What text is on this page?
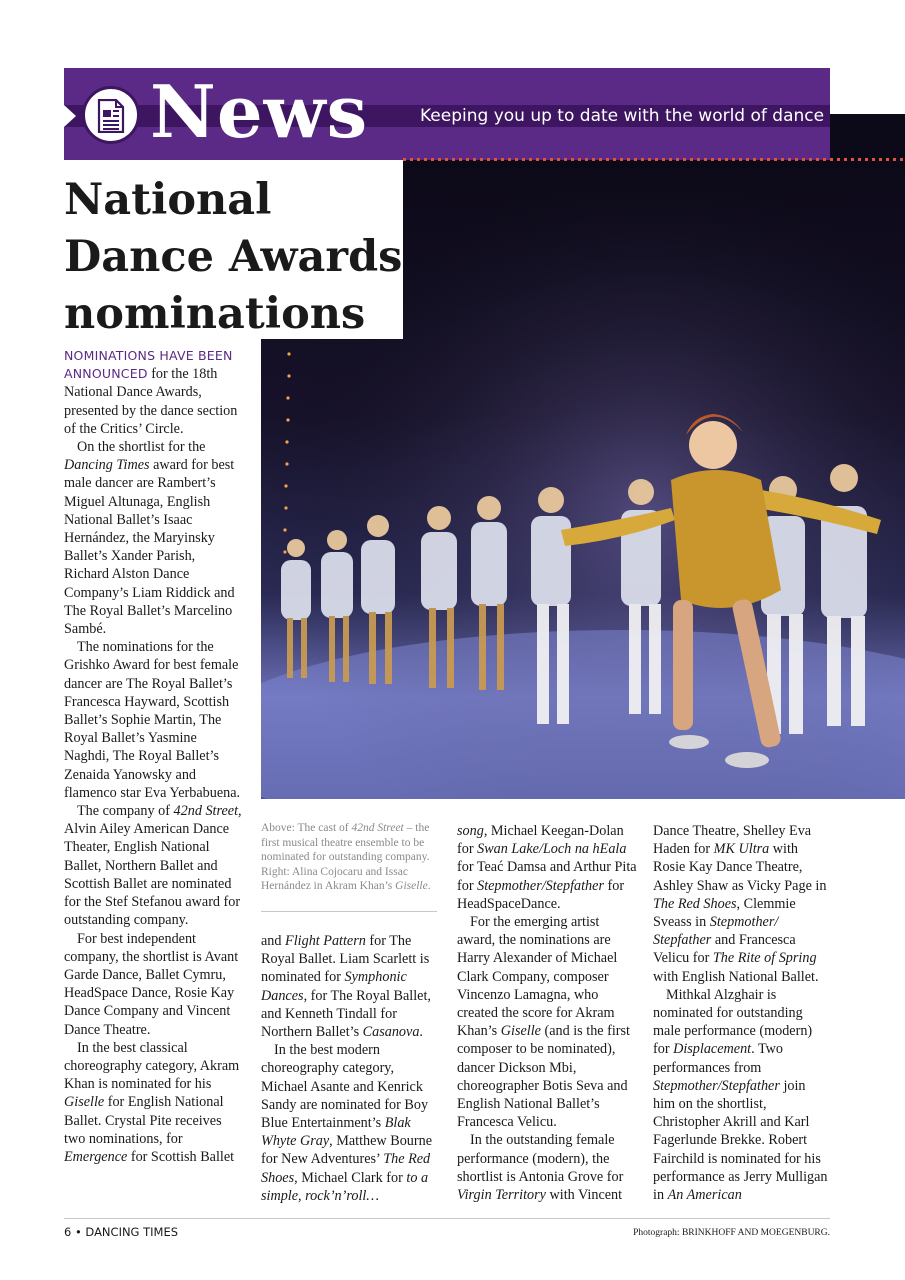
News	Keeping you up to date with the world of dance
National
Dance Awards
nominations

NOMINATIONS HAVE BEEN ANNOUNCED for the 18th National Dance Awards, presented by the dance section of the Critics’ Circle.

On the shortlist for the Dancing Times award for best male dancer are Rambert’s Miguel Altunaga, English National Ballet’s Isaac Hernández, the Maryinsky Ballet’s Xander Parish, Richard Alston Dance Company’s Liam Riddick and The Royal Ballet’s Marcelino Sambé.

The nominations for the Grishko Award for best female dancer are The Royal Ballet’s Francesca Hayward, Scottish Ballet’s Sophie Martin, The Royal Ballet’s Yasmine Naghdi, The Royal Ballet’s Zenaida Yanowsky and flamenco star Eva Yerbabuena.

The company of 42nd Street, Alvin Ailey American Dance Theater, English National Ballet, Northern Ballet and Scottish Ballet are nominated for the Stef Stefanou award for outstanding company.

For best independent company, the shortlist is Avant Garde Dance, Ballet Cymru, HeadSpace Dance, Rosie Kay Dance Company and Vincent Dance Theatre.

In the best classical choreography category, Akram Khan is nominated for his Giselle for English National Ballet. Crystal Pite receives two nominations, for Emergence for Scottish Ballet

Above: The cast of 42nd Street – the first musical theatre ensemble to be nominated for outstanding company. Right: Alina Cojocaru and Issac Hernández in Akram Khan’s Giselle.

and Flight Pattern for The Royal Ballet. Liam Scarlett is nominated for Symphonic Dances, for The Royal Ballet, and Kenneth Tindall for Northern Ballet’s Casanova.

In the best modern choreography category, Michael Asante and Kenrick Sandy are nominated for Boy Blue Entertainment’s Blak Whyte Gray, Matthew Bourne for New Adventures’ The Red Shoes, Michael Clark for to a simple, rock’n’roll…

song, Michael Keegan-Dolan for Swan Lake/Loch na hEala for Teać Damsa and Arthur Pita for Stepmother/Stepfather for HeadSpaceDance.

For the emerging artist award, the nominations are Harry Alexander of Michael Clark Company, composer Vincenzo Lamagna, who created the score for Akram Khan’s Giselle (and is the first composer to be nominated), dancer Dickson Mbi, choreographer Botis Seva and English National Ballet’s Francesca Velicu.

In the outstanding female performance (modern), the shortlist is Antonia Grove for Virgin Territory with Vincent

Dance Theatre, Shelley Eva Haden for MK Ultra with Rosie Kay Dance Theatre, Ashley Shaw as Vicky Page in The Red Shoes, Clemmie Sveass in Stepmother/ Stepfather and Francesca Velicu for The Rite of Spring with English National Ballet.

Mithkal Alzghair is nominated for outstanding male performance (modern) for Displacement. Two performances from Stepmother/Stepfather join him on the shortlist, Christopher Akrill and Karl Fagerlunde Brekke. Robert Fairchild is nominated for his performance as Jerry Mulligan in An American

6 • DANCING TIMES	Photograph: BRINKHOFF AND MOEGENBURG.
